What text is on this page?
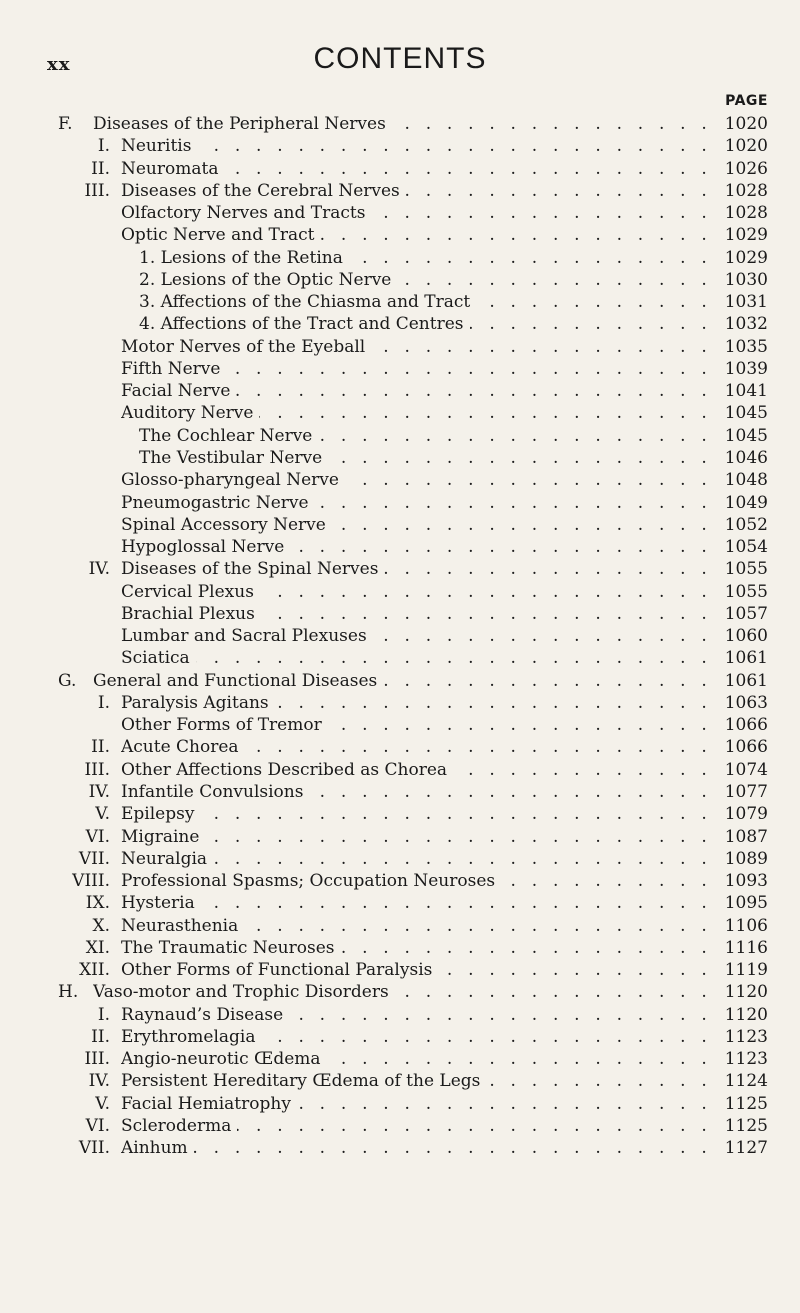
xx	CONTENTS
PAGE
F. Diseases of the Peripheral Nerves . . .	1020
I. Neuritis . . .	1020
II. Neuromata . . .	1026
III. Diseases of the Cerebral Nerves . . .	1028
Olfactory Nerves and Tracts . . .	1028
Optic Nerve and Tract . . .	1029
1. Lesions of the Retina . . .	1029
2. Lesions of the Optic Nerve . . .	1030
3. Affections of the Chiasma and Tract . . .	1031
4. Affections of the Tract and Centres . . .	1032
Motor Nerves of the Eyeball . . .	1035
Fifth Nerve . . .	1039
Facial Nerve . . .	1041
Auditory Nerve . . .	1045
The Cochlear Nerve . . .	1045
The Vestibular Nerve . . .	1046
Glosso-pharyngeal Nerve . . .	1048
Pneumogastric Nerve . . .	1049
Spinal Accessory Nerve . . .	1052
Hypoglossal Nerve . . .	1054
IV. Diseases of the Spinal Nerves . . .	1055
Cervical Plexus . . .	1055
Brachial Plexus . . .	1057
Lumbar and Sacral Plexuses . . .	1060
Sciatica . . .	1061
G. General and Functional Diseases . . .	1061
I. Paralysis Agitans . . .	1063
Other Forms of Tremor . . .	1066
II. Acute Chorea . . .	1066
III. Other Affections Described as Chorea . . .	1074
IV. Infantile Convulsions . . .	1077
V. Epilepsy . . .	1079
VI. Migraine . . .	1087
VII. Neuralgia . . .	1089
VIII. Professional Spasms; Occupation Neuroses . . .	1093
IX. Hysteria . . .	1095
X. Neurasthenia . . .	1106
XI. The Traumatic Neuroses . . .	1116
XII. Other Forms of Functional Paralysis . . .	1119
H. Vaso-motor and Trophic Disorders . . .	1120
I. Raynaud’s Disease . . .	1120
II. Erythromelagia . . .	1123
III. Angio-neurotic Œdema . . .	1123
IV. Persistent Hereditary Œdema of the Legs . . .	1124
V. Facial Hemiatrophy . . .	1125
VI. Scleroderma . . .	1125
VII. Ainhum . . .	1127
